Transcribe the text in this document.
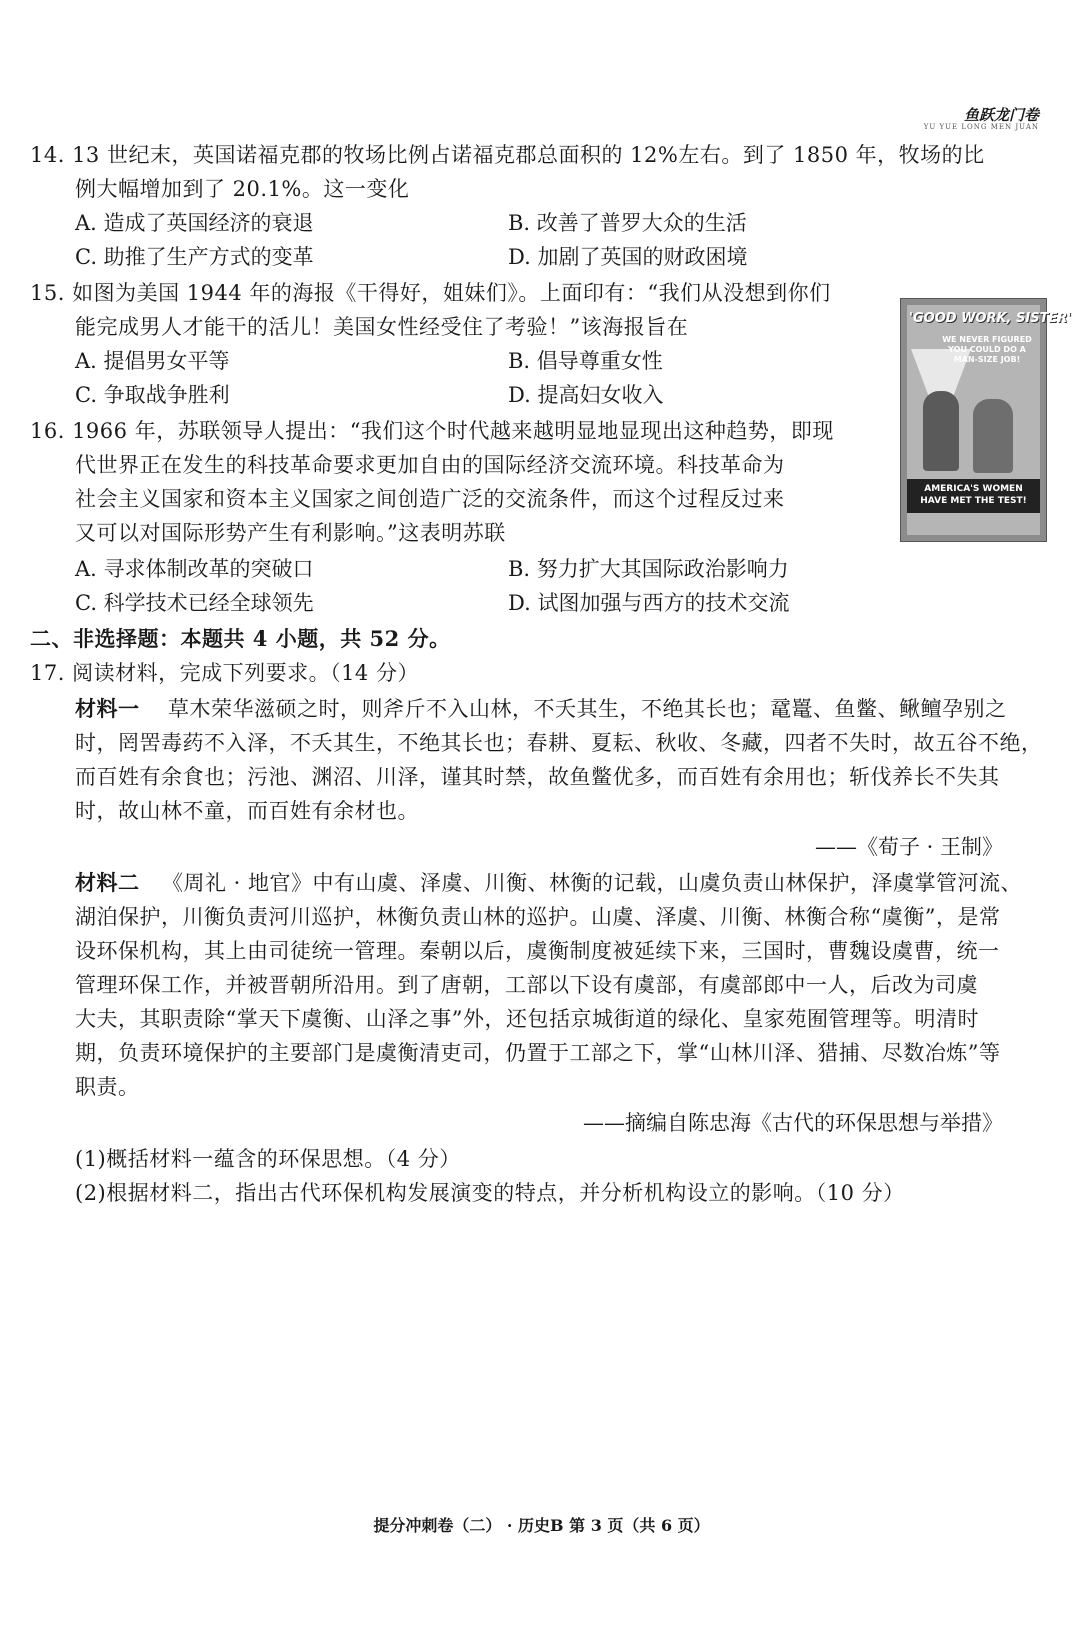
鱼跃龙门卷
YU YUE LONG MEN JUAN
14. 13 世纪末，英国诺福克郡的牧场比例占诺福克郡总面积的 12%左右。到了 1850 年，牧场的比
例大幅增加到了 20.1%。这一变化
A. 造成了英国经济的衰退	B. 改善了普罗大众的生活
C. 助推了生产方式的变革	D. 加剧了英国的财政困境
15. 如图为美国 1944 年的海报《干得好，姐妹们》。上面印有：“我们从没想到你们
能完成男人才能干的活儿！美国女性经受住了考验！”该海报旨在
A. 提倡男女平等	B. 倡导尊重女性
C. 争取战争胜利	D. 提高妇女收入
'GOOD WORK, SISTER'
WE NEVER FIGURED YOU COULD DO A MAN-SIZE JOB!
AMERICA'S WOMEN HAVE MET THE TEST!
16. 1966 年，苏联领导人提出：“我们这个时代越来越明显地显现出这种趋势，即现
代世界正在发生的科技革命要求更加自由的国际经济交流环境。科技革命为
社会主义国家和资本主义国家之间创造广泛的交流条件，而这个过程反过来
又可以对国际形势产生有利影响。”这表明苏联
A. 寻求体制改革的突破口	B. 努力扩大其国际政治影响力
C. 科学技术已经全球领先	D. 试图加强与西方的技术交流
二、非选择题：本题共 4 小题，共 52 分。
17. 阅读材料，完成下列要求。（14 分）
材料一 草木荣华滋硕之时，则斧斤不入山林，不夭其生，不绝其长也；鼋鼍、鱼鳖、鳅鳣孕别之
时，罔罟毒药不入泽，不夭其生，不绝其长也；春耕、夏耘、秋收、冬藏，四者不失时，故五谷不绝，
而百姓有余食也；污池、渊沼、川泽，谨其时禁，故鱼鳖优多，而百姓有余用也；斩伐养长不失其
时，故山林不童，而百姓有余材也。
——《荀子 · 王制》
材料二 《周礼 · 地官》中有山虞、泽虞、川衡、林衡的记载，山虞负责山林保护，泽虞掌管河流、
湖泊保护，川衡负责河川巡护，林衡负责山林的巡护。山虞、泽虞、川衡、林衡合称“虞衡”，是常
设环保机构，其上由司徒统一管理。秦朝以后，虞衡制度被延续下来，三国时，曹魏设虞曹，统一
管理环保工作，并被晋朝所沿用。到了唐朝，工部以下设有虞部，有虞部郎中一人，后改为司虞
大夫，其职责除“掌天下虞衡、山泽之事”外，还包括京城街道的绿化、皇家苑囿管理等。明清时
期，负责环境保护的主要部门是虞衡清吏司，仍置于工部之下，掌“山林川泽、猎捕、尽数冶炼”等
职责。
——摘编自陈忠海《古代的环保思想与举措》
(1)概括材料一蕴含的环保思想。（4 分）
(2)根据材料二，指出古代环保机构发展演变的特点，并分析机构设立的影响。（10 分）
提分冲刺卷（二） · 历史B 第 3 页（共 6 页）
